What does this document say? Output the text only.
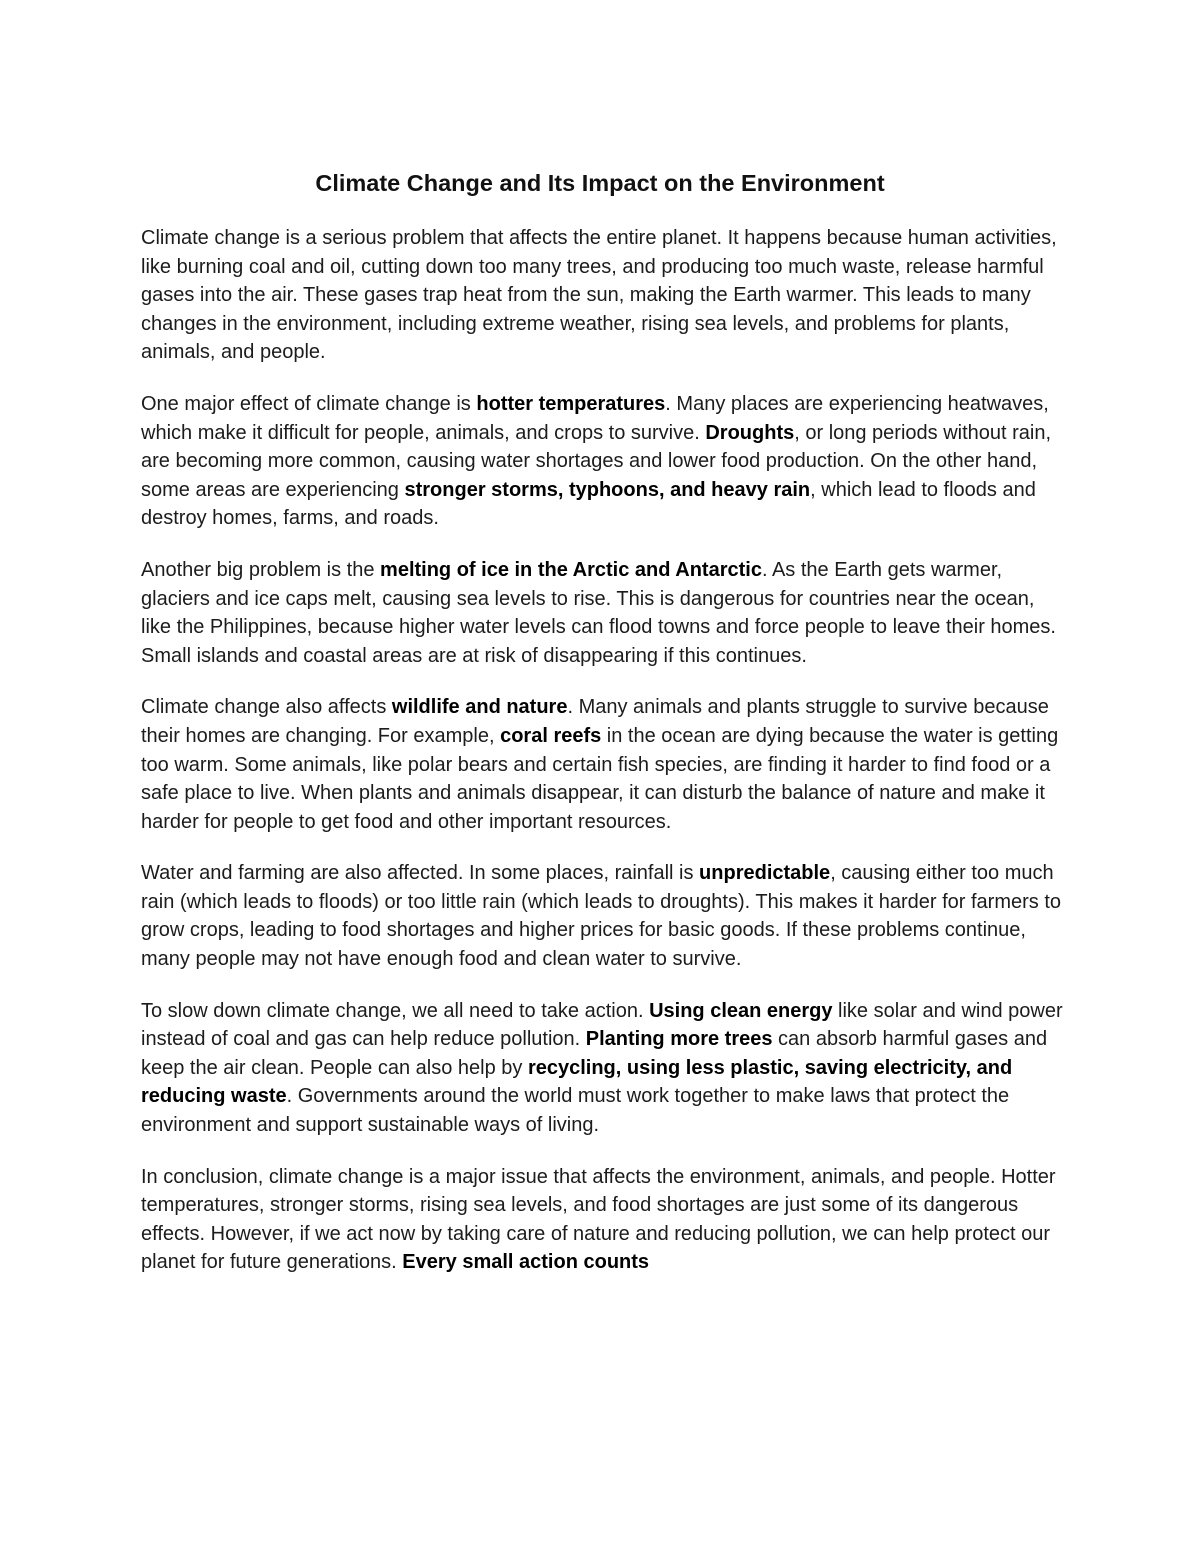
Climate Change and Its Impact on the Environment

Climate change is a serious problem that affects the entire planet. It happens because human activities, like burning coal and oil, cutting down too many trees, and producing too much waste, release harmful gases into the air. These gases trap heat from the sun, making the Earth warmer. This leads to many changes in the environment, including extreme weather, rising sea levels, and problems for plants, animals, and people.

One major effect of climate change is hotter temperatures. Many places are experiencing heatwaves, which make it difficult for people, animals, and crops to survive. Droughts, or long periods without rain, are becoming more common, causing water shortages and lower food production. On the other hand, some areas are experiencing stronger storms, typhoons, and heavy rain, which lead to floods and destroy homes, farms, and roads.

Another big problem is the melting of ice in the Arctic and Antarctic. As the Earth gets warmer, glaciers and ice caps melt, causing sea levels to rise. This is dangerous for countries near the ocean, like the Philippines, because higher water levels can flood towns and force people to leave their homes. Small islands and coastal areas are at risk of disappearing if this continues.

Climate change also affects wildlife and nature. Many animals and plants struggle to survive because their homes are changing. For example, coral reefs in the ocean are dying because the water is getting too warm. Some animals, like polar bears and certain fish species, are finding it harder to find food or a safe place to live. When plants and animals disappear, it can disturb the balance of nature and make it harder for people to get food and other important resources.

Water and farming are also affected. In some places, rainfall is unpredictable, causing either too much rain (which leads to floods) or too little rain (which leads to droughts). This makes it harder for farmers to grow crops, leading to food shortages and higher prices for basic goods. If these problems continue, many people may not have enough food and clean water to survive.

To slow down climate change, we all need to take action. Using clean energy like solar and wind power instead of coal and gas can help reduce pollution. Planting more trees can absorb harmful gases and keep the air clean. People can also help by recycling, using less plastic, saving electricity, and reducing waste. Governments around the world must work together to make laws that protect the environment and support sustainable ways of living.

In conclusion, climate change is a major issue that affects the environment, animals, and people. Hotter temperatures, stronger storms, rising sea levels, and food shortages are just some of its dangerous effects. However, if we act now by taking care of nature and reducing pollution, we can help protect our planet for future generations. Every small action counts
